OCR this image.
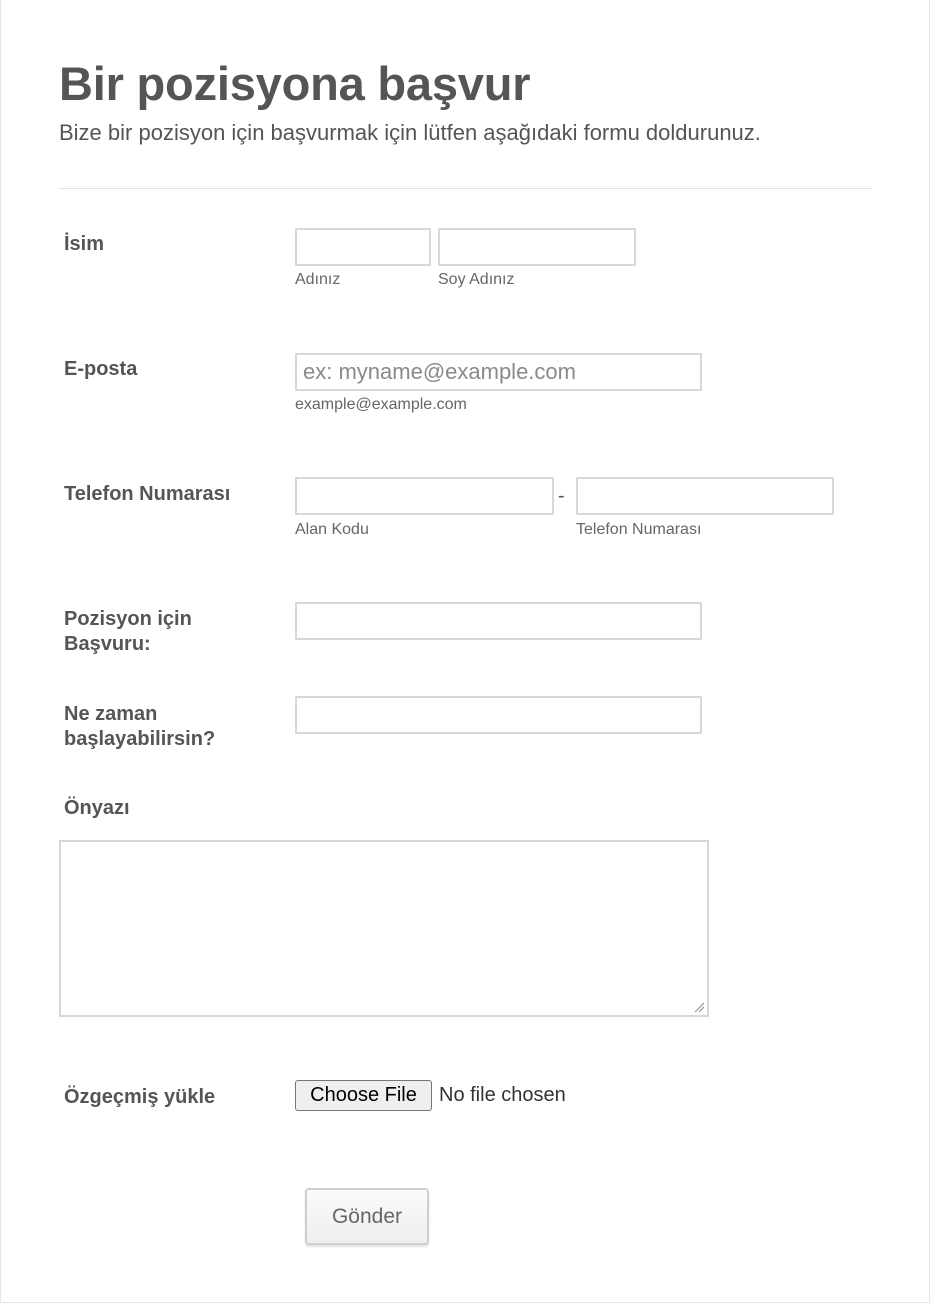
Bir pozisyona başvur

Bize bir pozisyon için başvurmak için lütfen aşağıdaki formu doldurunuz.

İsim
Adınız	Soy Adınız
E-posta
ex: myname@example.com
example@example.com
Telefon Numarası	-
Alan Kodu	Telefon Numarası
Pozisyon için
Başvuru:
Ne zaman
başlayabilirsin?
Önyazı
Özgeçmiş yükle	Choose File	No file chosen
Gönder
